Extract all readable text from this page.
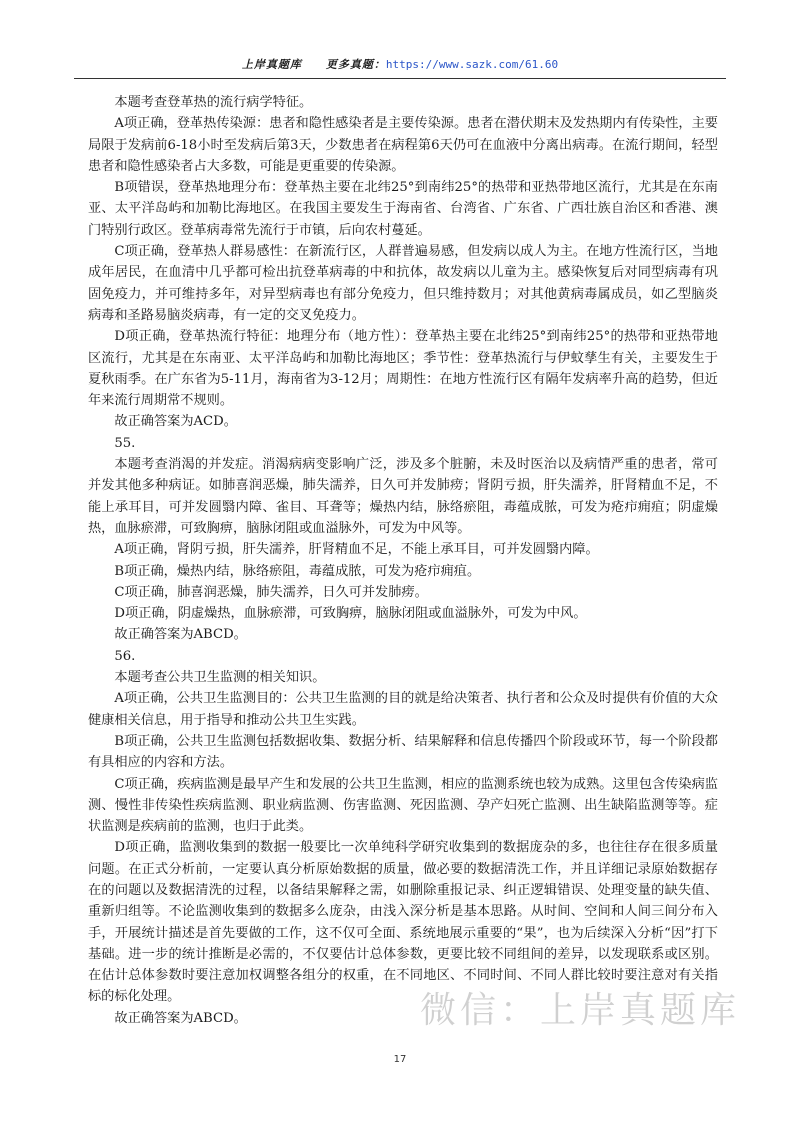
上岸真题库　　更多真题：https://www.sazk.com/61.60

本题考查登革热的流行病学特征。

A项正确，登革热传染源：患者和隐性感染者是主要传染源。患者在潜伏期末及发热期内有传染性，主要局限于发病前6-18小时至发病后第3天，少数患者在病程第6天仍可在血液中分离出病毒。在流行期间，轻型患者和隐性感染者占大多数，可能是更重要的传染源。

B项错误，登革热地理分布：登革热主要在北纬25°到南纬25°的热带和亚热带地区流行，尤其是在东南亚、太平洋岛屿和加勒比海地区。在我国主要发生于海南省、台湾省、广东省、广西壮族自治区和香港、澳门特别行政区。登革病毒常先流行于市镇，后向农村蔓延。

C项正确，登革热人群易感性：在新流行区，人群普遍易感，但发病以成人为主。在地方性流行区，当地成年居民，在血清中几乎都可检出抗登革病毒的中和抗体，故发病以儿童为主。感染恢复后对同型病毒有巩固免疫力，并可维持多年，对异型病毒也有部分免疫力，但只维持数月；对其他黄病毒属成员，如乙型脑炎病毒和圣路易脑炎病毒，有一定的交叉免疫力。

D项正确，登革热流行特征：地理分布（地方性）：登革热主要在北纬25°到南纬25°的热带和亚热带地区流行，尤其是在东南亚、太平洋岛屿和加勒比海地区；季节性：登革热流行与伊蚊孳生有关，主要发生于夏秋雨季。在广东省为5-11月，海南省为3-12月；周期性：在地方性流行区有隔年发病率升高的趋势，但近年来流行周期常不规则。

故正确答案为ACD。

55.

本题考查消渴的并发症。消渴病病变影响广泛，涉及多个脏腑，未及时医治以及病情严重的患者，常可并发其他多种病证。如肺喜润恶燥，肺失濡养，日久可并发肺痨；肾阴亏损，肝失濡养，肝肾精血不足，不能上承耳目，可并发圆翳内障、雀目、耳聋等；燥热内结，脉络瘀阻，毒蕴成脓，可发为疮疖痈疽；阴虚燥热，血脉瘀滞，可致胸痹，脑脉闭阻或血溢脉外，可发为中风等。

A项正确，肾阴亏损，肝失濡养，肝肾精血不足，不能上承耳目，可并发圆翳内障。

B项正确，燥热内结，脉络瘀阻，毒蕴成脓，可发为疮疖痈疽。

C项正确，肺喜润恶燥，肺失濡养，日久可并发肺痨。

D项正确，阴虚燥热，血脉瘀滞，可致胸痹，脑脉闭阻或血溢脉外，可发为中风。

故正确答案为ABCD。

56.

本题考查公共卫生监测的相关知识。

A项正确，公共卫生监测目的：公共卫生监测的目的就是给决策者、执行者和公众及时提供有价值的大众健康相关信息，用于指导和推动公共卫生实践。

B项正确，公共卫生监测包括数据收集、数据分析、结果解释和信息传播四个阶段或环节，每一个阶段都有具相应的内容和方法。

C项正确，疾病监测是最早产生和发展的公共卫生监测，相应的监测系统也较为成熟。这里包含传染病监测、慢性非传染性疾病监测、职业病监测、伤害监测、死因监测、孕产妇死亡监测、出生缺陷监测等等。症状监测是疾病前的监测，也归于此类。

D项正确，监测收集到的数据一般要比一次单纯科学研究收集到的数据庞杂的多，也往往存在很多质量问题。在正式分析前，一定要认真分析原始数据的质量，做必要的数据清洗工作，并且详细记录原始数据存在的问题以及数据清洗的过程，以备结果解释之需，如删除重报记录、纠正逻辑错误、处理变量的缺失值、重新归组等。不论监测收集到的数据多么庞杂，由浅入深分析是基本思路。从时间、空间和人间三间分布入手，开展统计描述是首先要做的工作，这不仅可全面、系统地展示重要的“果”，也为后续深入分析“因”打下基础。进一步的统计推断是必需的，不仅要估计总体参数，更要比较不同组间的差异，以发现联系或区别。在估计总体参数时要注意加权调整各组分的权重，在不同地区、不同时间、不同人群比较时要注意对有关指标的标化处理。

故正确答案为ABCD。	微信：上岸真题库
17
